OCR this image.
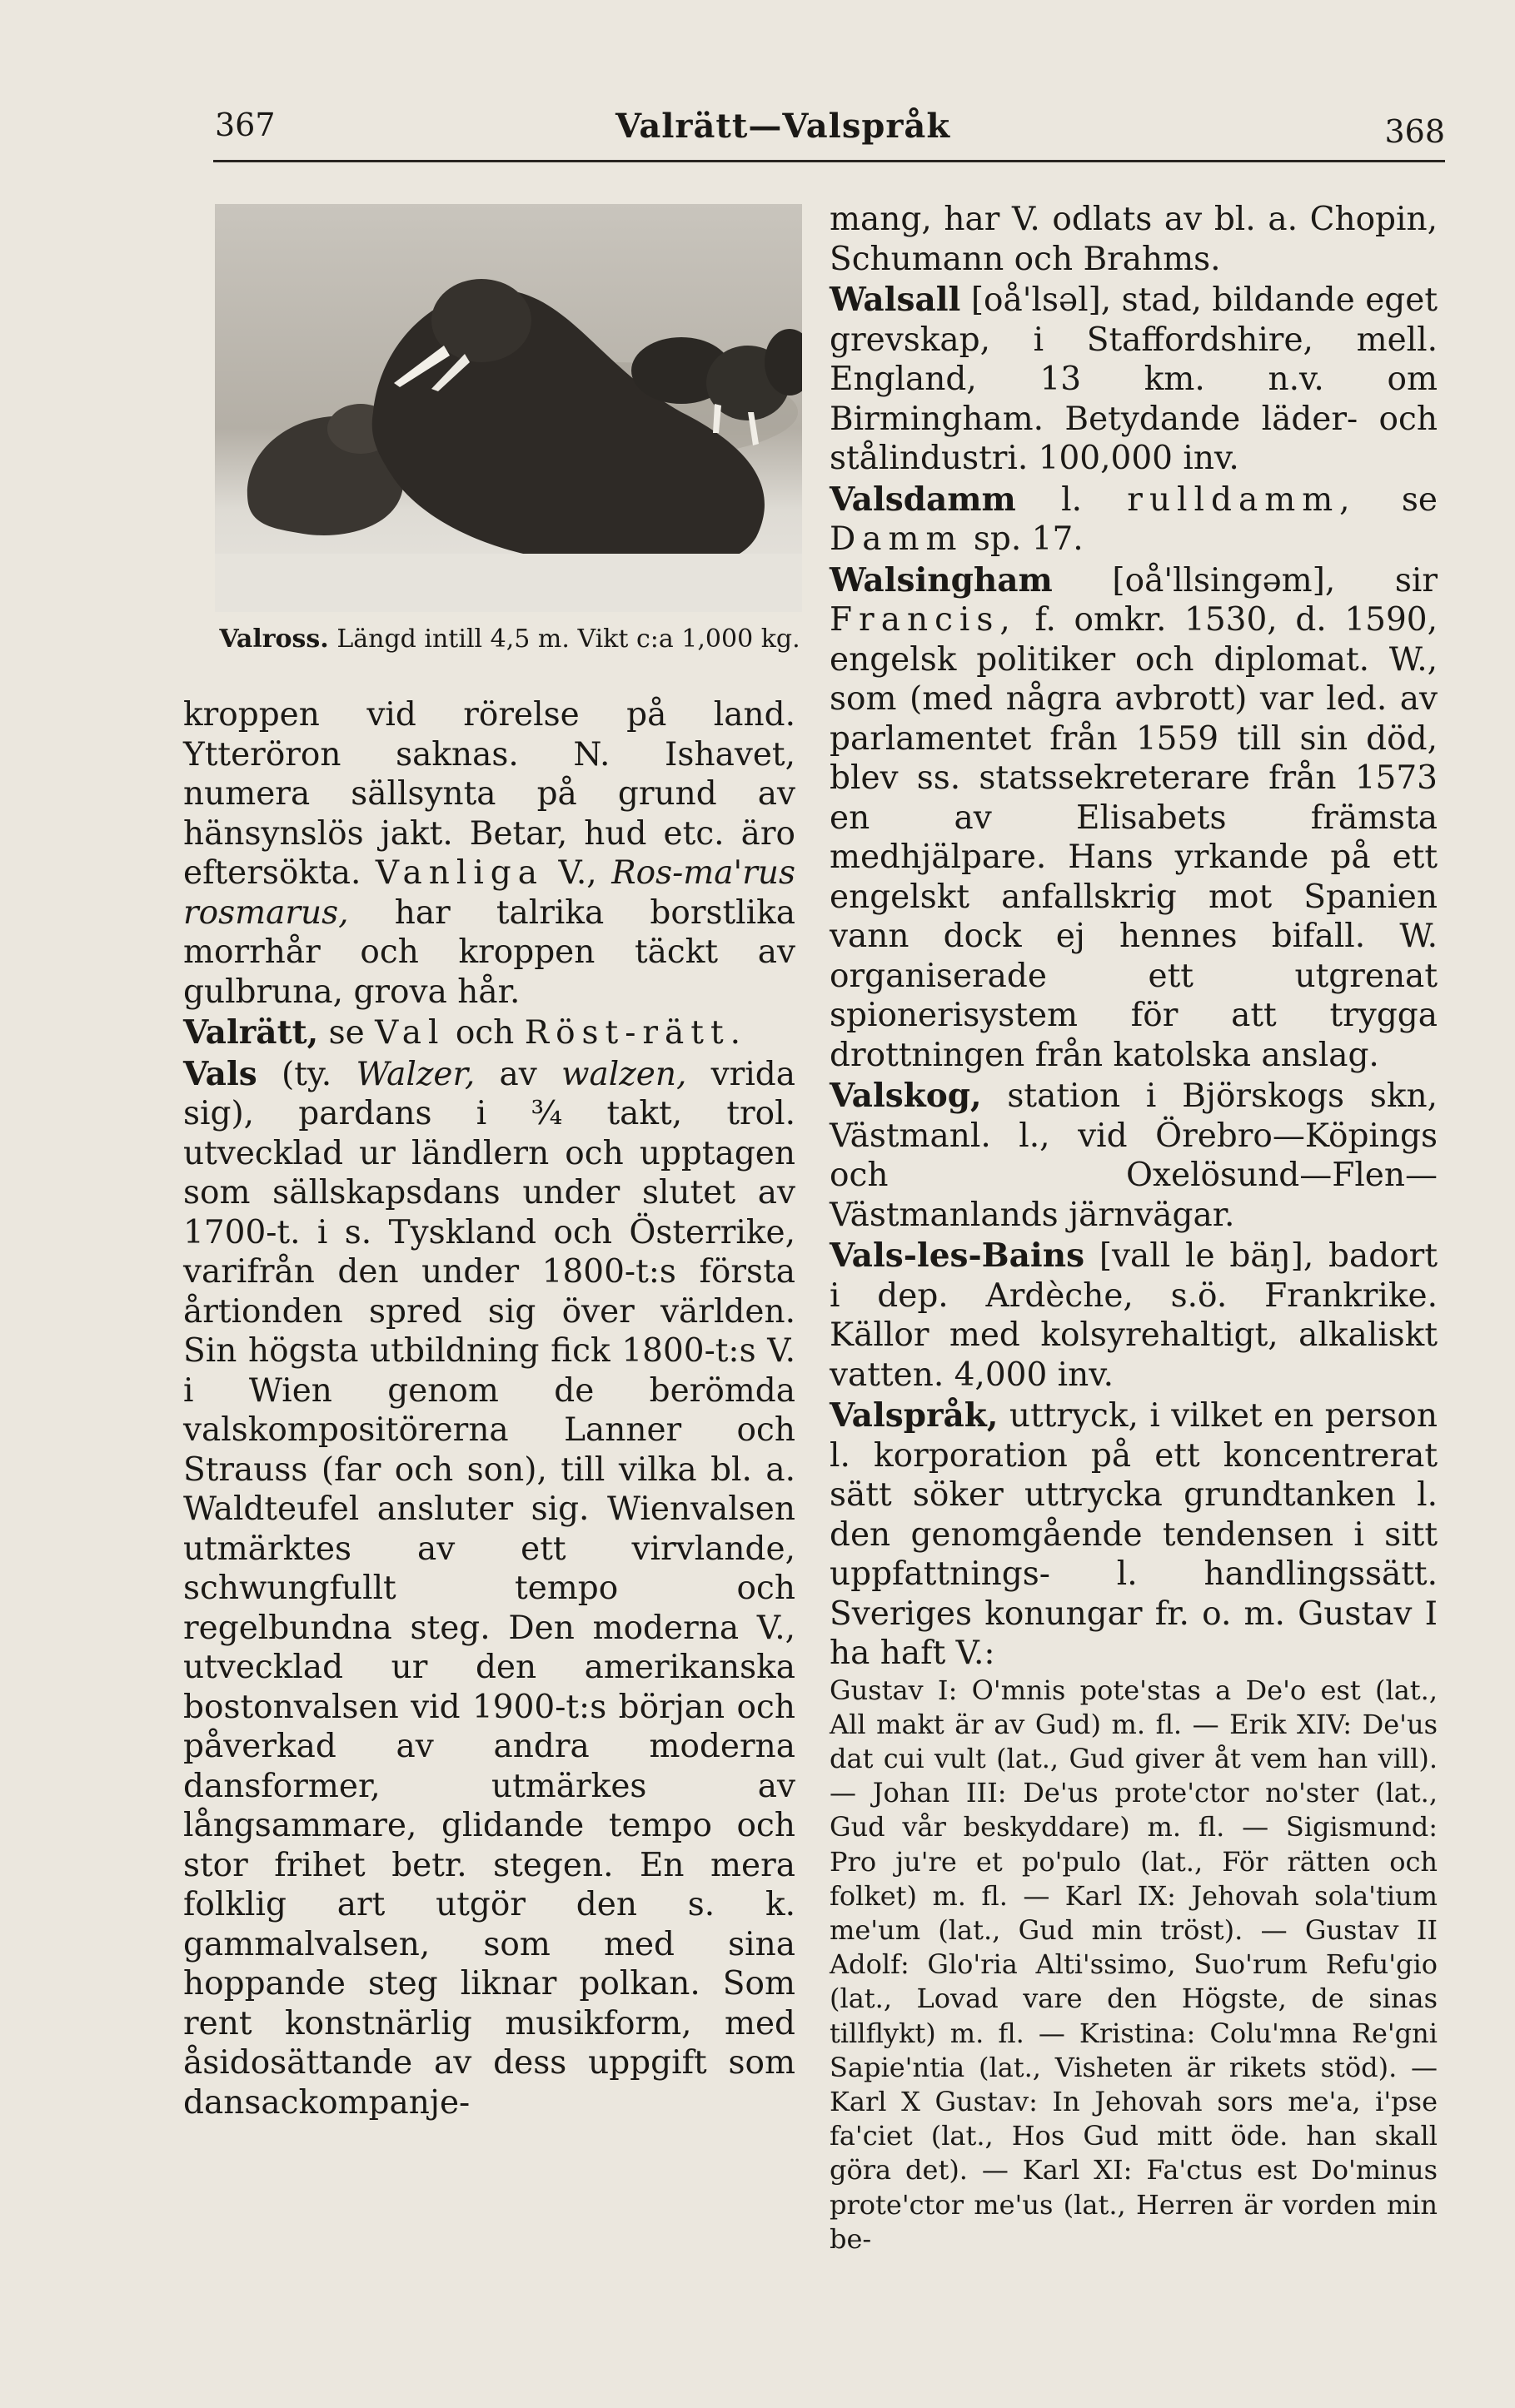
367	Valrätt—Valspråk	368
Valross. Längd intill 4,5 m. Vikt c:a 1,000 kg.

kroppen vid rörelse på land. Ytteröron saknas. N. Ishavet, numera sällsynta på grund av hänsynslös jakt. Betar, hud etc. äro eftersökta. Vanliga V., Ros-ma'rus rosmarus, har talrika borstlika morrhår och kroppen täckt av gulbruna, grova hår.

Valrätt, se Val och Röst-rätt.

Vals (ty. Walzer, av walzen, vrida sig), pardans i ¾ takt, trol. utvecklad ur ländlern och upptagen som sällskapsdans under slutet av 1700-t. i s. Tyskland och Österrike, varifrån den under 1800-t:s första årtionden spred sig över världen. Sin högsta utbildning fick 1800-t:s V. i Wien genom de berömda valskompositörerna Lanner och Strauss (far och son), till vilka bl. a. Waldteufel ansluter sig. Wienvalsen utmärktes av ett virvlande, schwungfullt tempo och regelbundna steg. Den moderna V., utvecklad ur den amerikanska bostonvalsen vid 1900-t:s början och påverkad av andra moderna dansformer, utmärkes av långsammare, glidande tempo och stor frihet betr. stegen. En mera folklig art utgör den s. k. gammalvalsen, som med sina hoppande steg liknar polkan. Som rent konstnärlig musikform, med åsidosättande av dess uppgift som dansackompanje-

mang, har V. odlats av bl. a. Chopin, Schumann och Brahms.

Walsall [oå'lsəl], stad, bildande eget grevskap, i Staffordshire, mell. England, 13 km. n.v. om Birmingham. Betydande läder- och stålindustri. 100,000 inv.

Valsdamm l. rulldamm, se Damm sp. 17.

Walsingham [oå'llsingəm], sir Francis, f. omkr. 1530, d. 1590, engelsk politiker och diplomat. W., som (med några avbrott) var led. av parlamentet från 1559 till sin död, blev ss. statssekreterare från 1573 en av Elisabets främsta medhjälpare. Hans yrkande på ett engelskt anfallskrig mot Spanien vann dock ej hennes bifall. W. organiserade ett utgrenat spionerisystem för att trygga drottningen från katolska anslag.

Valskog, station i Björskogs skn, Västmanl. l., vid Örebro—Köpings och Oxelösund—Flen—Västmanlands järnvägar.

Vals-les-Bains [vall le bäŋ], badort i dep. Ardèche, s.ö. Frankrike. Källor med kolsyrehaltigt, alkaliskt vatten. 4,000 inv.

Valspråk, uttryck, i vilket en person l. korporation på ett koncentrerat sätt söker uttrycka grundtanken l. den genomgående tendensen i sitt uppfattnings- l. handlingssätt. Sveriges konungar fr. o. m. Gustav I ha haft V.:

Gustav I: O'mnis pote'stas a De'o est (lat., All makt är av Gud) m. fl. — Erik XIV: De'us dat cui vult (lat., Gud giver åt vem han vill). — Johan III: De'us prote'ctor no'ster (lat., Gud vår beskyddare) m. fl. — Sigismund: Pro ju're et po'pulo (lat., För rätten och folket) m. fl. — Karl IX: Jehovah sola'tium me'um (lat., Gud min tröst). — Gustav II Adolf: Glo'ria Alti'ssimo, Suo'rum Refu'gio (lat., Lovad vare den Högste, de sinas tillflykt) m. fl. — Kristina: Colu'mna Re'gni Sapie'ntia (lat., Visheten är rikets stöd). — Karl X Gustav: In Jehovah sors me'a, i'pse fa'ciet (lat., Hos Gud mitt öde. han skall göra det). — Karl XI: Fa'ctus est Do'minus prote'ctor me'us (lat., Herren är vorden min be-
